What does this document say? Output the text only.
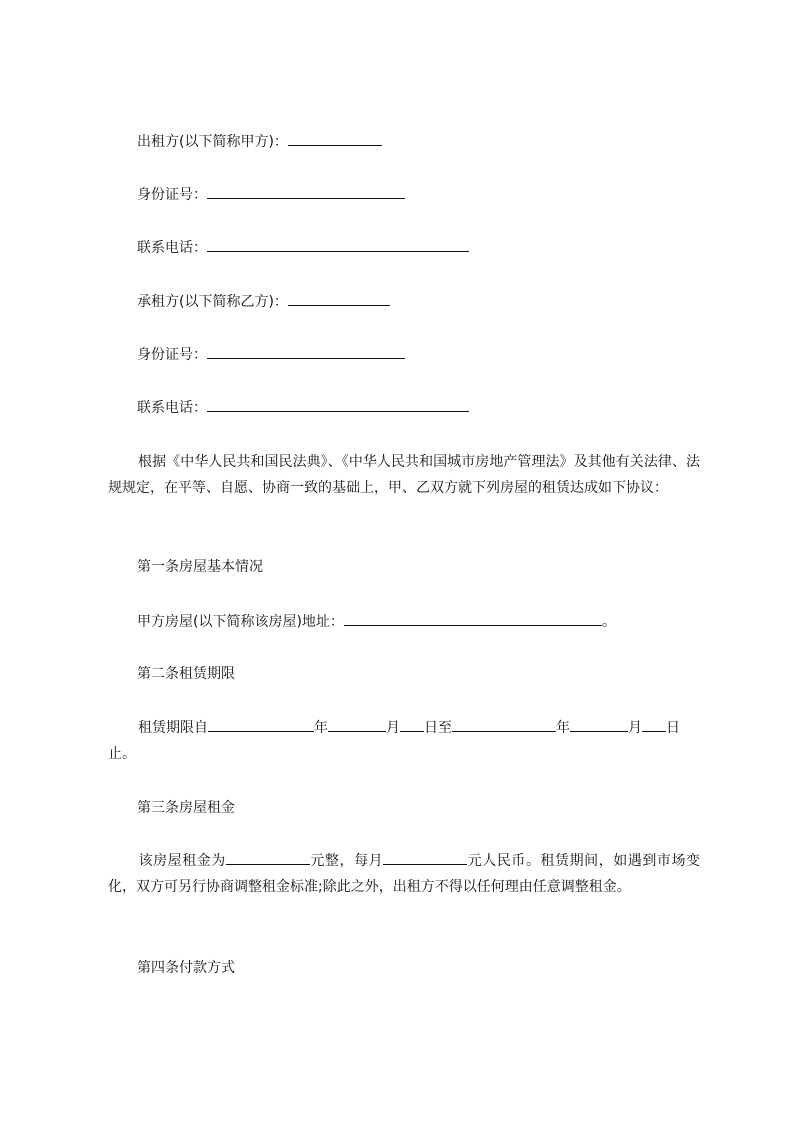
出租方(以下简称甲方)：
身份证号：
联系电话：
承租方(以下简称乙方)：
身份证号：
联系电话：
根据《中华人民共和国民法典》、《中华人民共和国城市房地产管理法》及其他有关法律、法规规定，在平等、自愿、协商一致的基础上，甲、乙双方就下列房屋的租赁达成如下协议：
第一条房屋基本情况
甲方房屋(以下简称该房屋)地址：	。
第二条租赁期限
租赁期限自	年	月 日至	年	月 日
止。
第三条房屋租金
该房屋租金为	元整，每月	元人民币。租赁期间，如遇到市场变化，双方可另行协商调整租金标准;除此之外，出租方不得以任何理由任意调整租金。
第四条付款方式
